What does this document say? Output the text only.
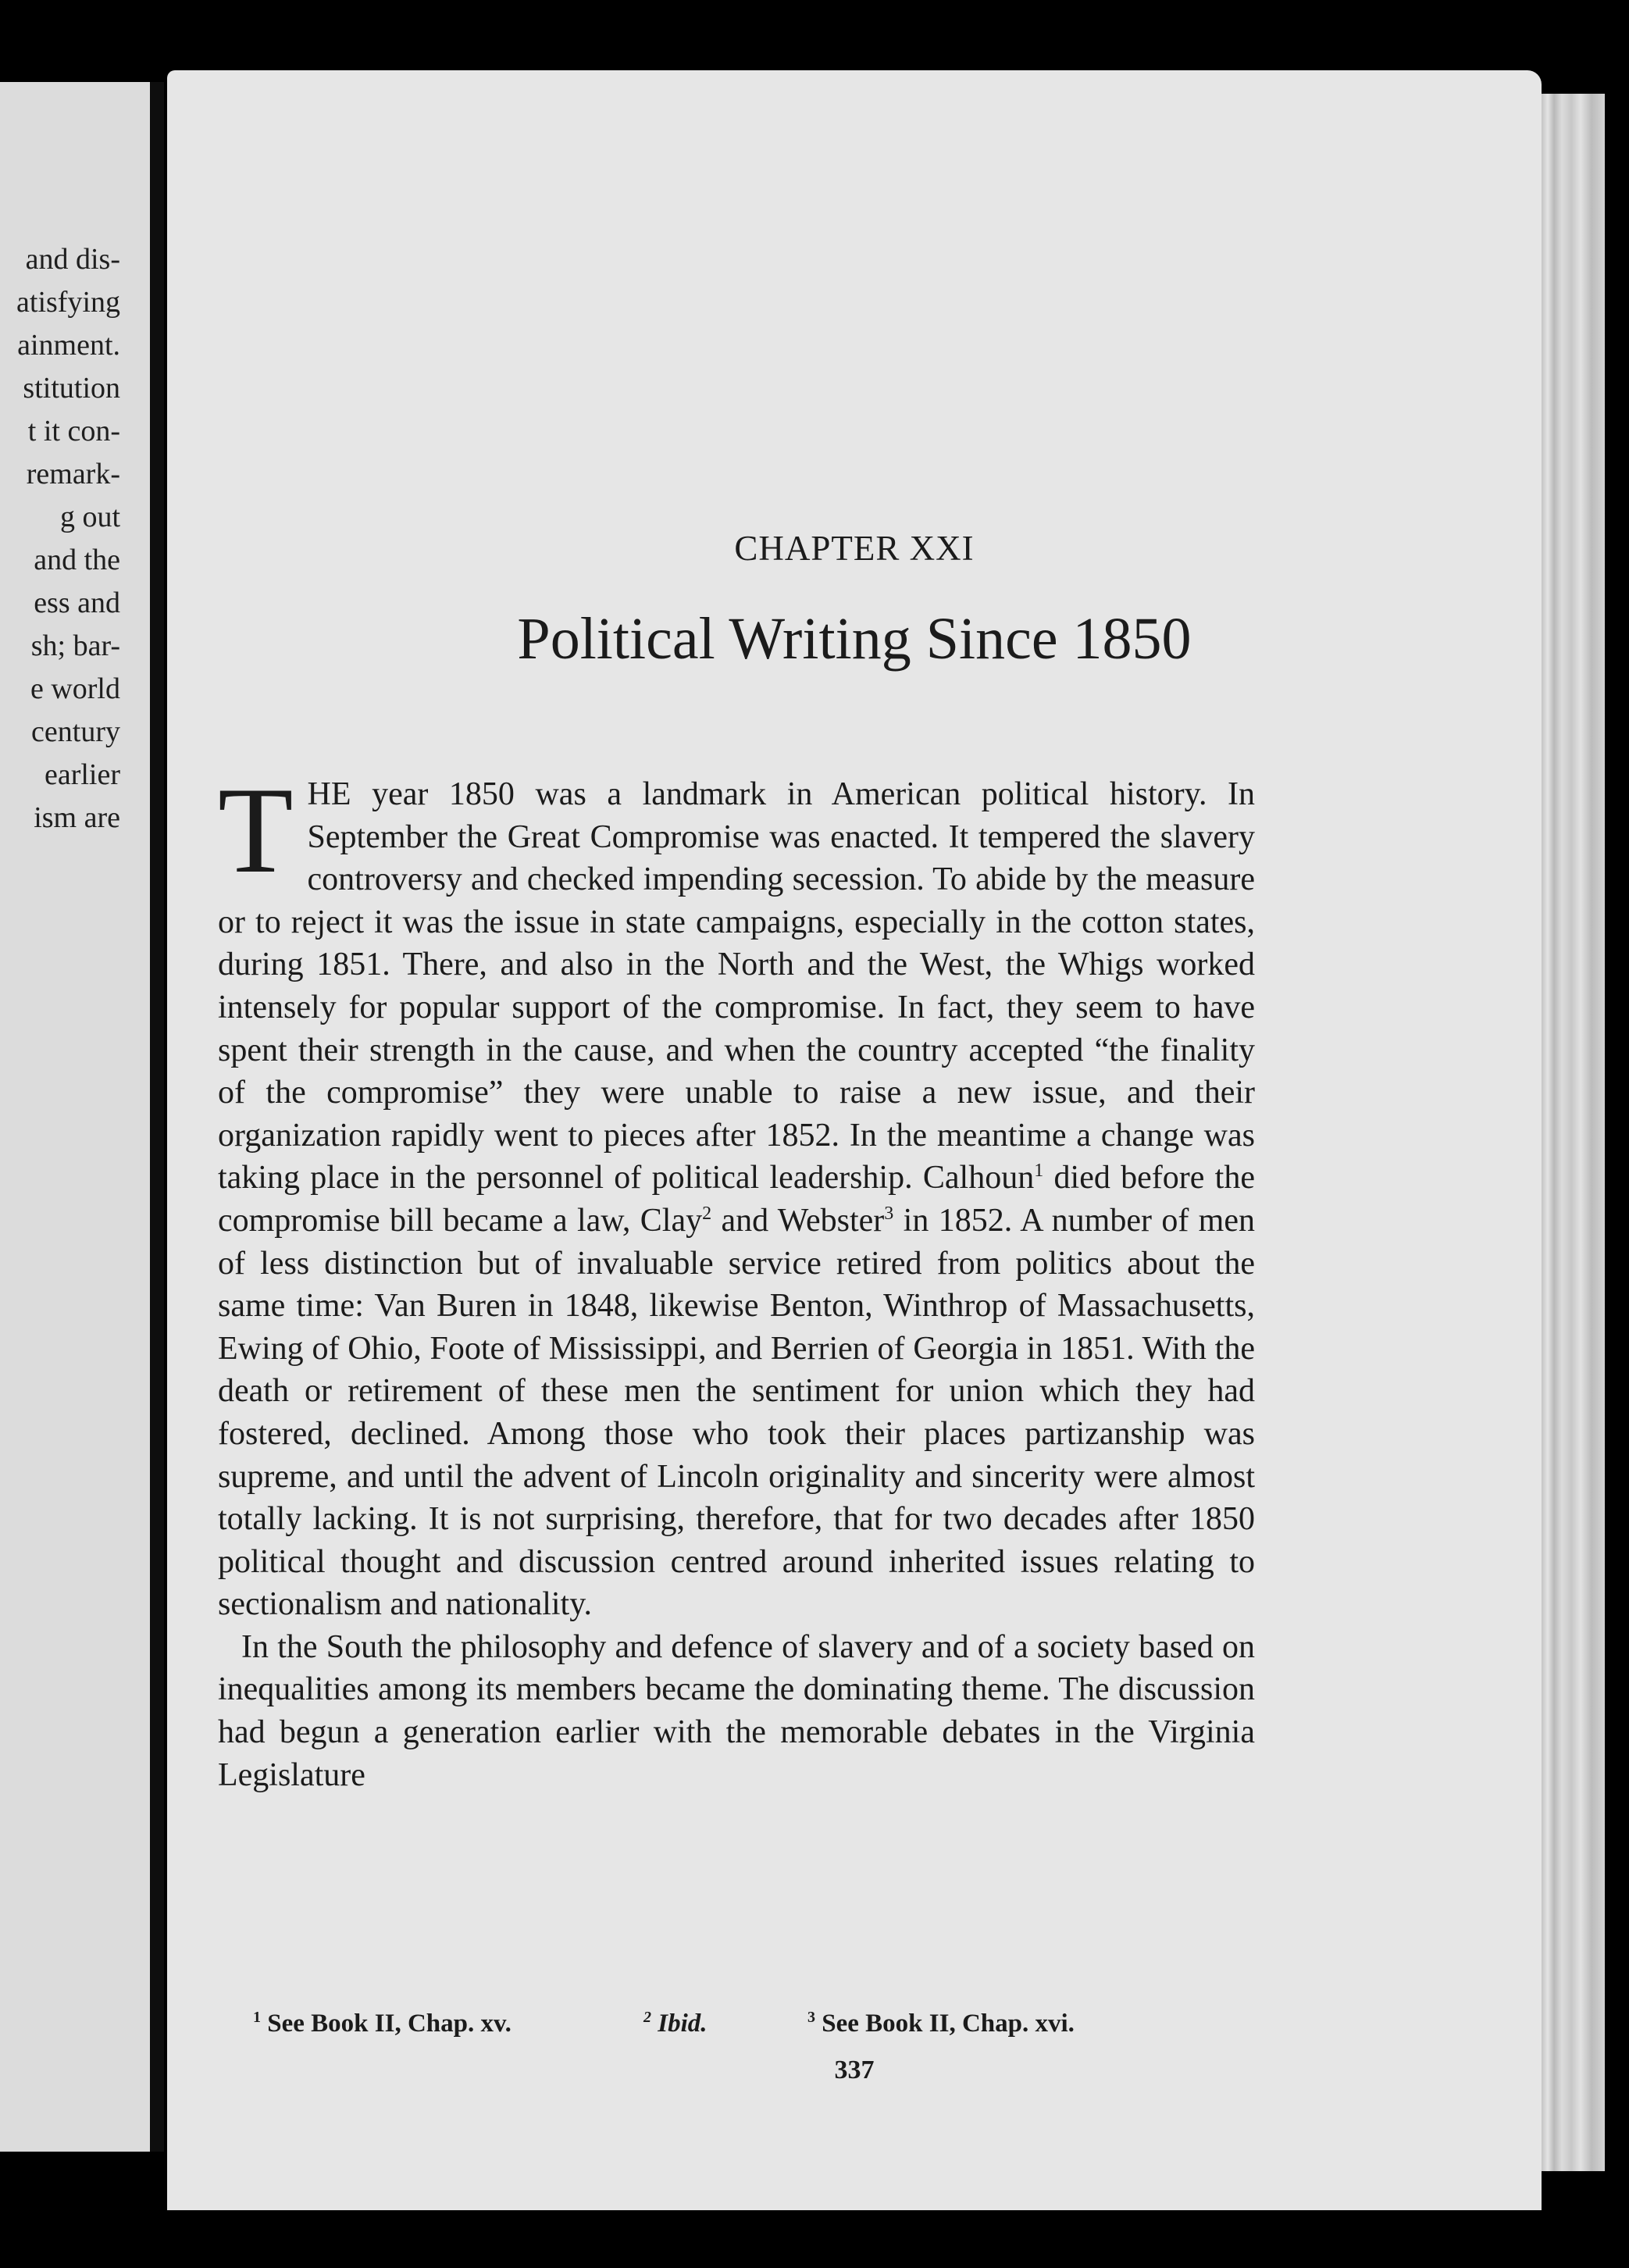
and dis-
atisfying
ainment.
stitution
t it con-
remark-
g out
and the
ess and
sh; bar-
e world
century
earlier
ism are
CHAPTER XXI
Political Writing Since 1850

THE year 1850 was a landmark in American political history. In September the Great Compromise was enacted. It tempered the slavery controversy and checked impending secession. To abide by the measure or to reject it was the issue in state campaigns, especially in the cotton states, during 1851. There, and also in the North and the West, the Whigs worked intensely for popular support of the compromise. In fact, they seem to have spent their strength in the cause, and when the country accepted “the finality of the compromise” they were unable to raise a new issue, and their organization rapidly went to pieces after 1852. In the meantime a change was taking place in the personnel of political leadership. Calhoun$^1$ died before the compromise bill became a law, Clay$^2$ and Webster$^3$ in 1852. A number of men of less distinction but of invaluable service retired from politics about the same time: Van Buren in 1848, likewise Benton, Winthrop of Massachusetts, Ewing of Ohio, Foote of Mississippi, and Berrien of Georgia in 1851. With the death or retirement of these men the sentiment for union which they had fostered, declined. Among those who took their places partizanship was supreme, and until the advent of Lincoln originality and sincerity were almost totally lacking. It is not surprising, therefore, that for two decades after 1850 political thought and discussion centred around inherited issues relating to sectionalism and nationality.

In the South the philosophy and defence of slavery and of a society based on inequalities among its members became the dominating theme. The discussion had begun a generation earlier with the memorable debates in the Virginia Legislature

$^1$ See Book II, Chap. xv.	$^2$ Ibid.	$^3$ See Book II, Chap. xvi.
337
